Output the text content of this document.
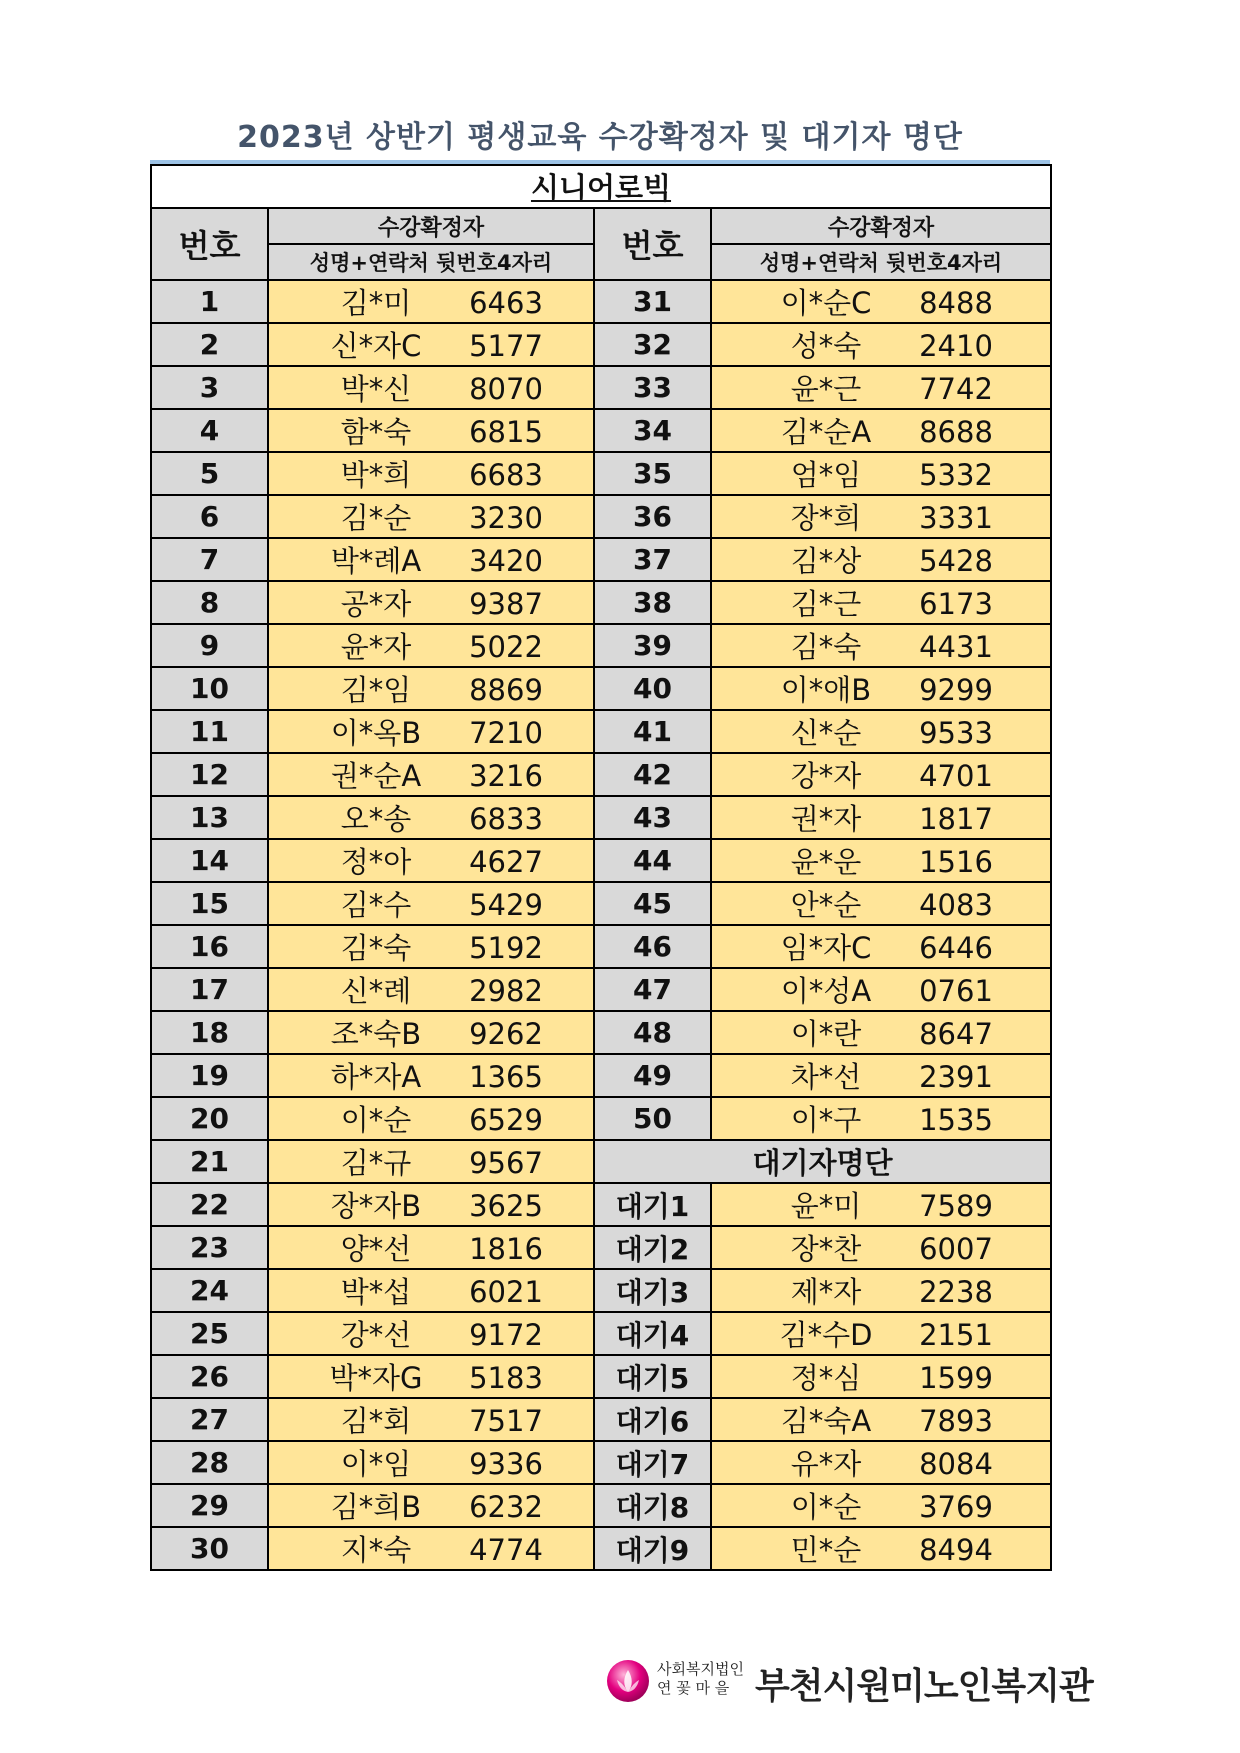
2023년 상반기 평생교육 수강확정자 및 대기자 명단
시니어로빅			
번호	수강확정자	번호	수강확정자
	성명+연락처 뒷번호4자리		성명+연락처 뒷번호4자리
1	김*미 6463	31	이*순C 8488
2	신*자C 5177	32	성*숙 2410
3	박*신 8070	33	윤*근 7742
4	함*숙 6815	34	김*순A 8688
5	박*희 6683	35	엄*임 5332
6	김*순 3230	36	장*희 3331
7	박*례A 3420	37	김*상 5428
8	공*자 9387	38	김*근 6173
9	윤*자 5022	39	김*숙 4431
10	김*임 8869	40	이*애B 9299
11	이*옥B 7210	41	신*순 9533
12	권*순A 3216	42	강*자 4701
13	오*송 6833	43	권*자 1817
14	정*아 4627	44	윤*운 1516
15	김*수 5429	45	안*순 4083
16	김*숙 5192	46	임*자C 6446
17	신*례 2982	47	이*성A 0761
18	조*숙B 9262	48	이*란 8647
19	하*자A 1365	49	차*선 2391
20	이*순 6529	50	이*구 1535
21	김*규 9567	대기자명단	
22	장*자B 3625	대기1	윤*미 7589
23	양*선 1816	대기2	장*찬 6007
24	박*섭 6021	대기3	제*자 2238
25	강*선 9172	대기4	김*수D 2151
26	박*자G 5183	대기5	정*심 1599
27	김*회 7517	대기6	김*숙A 7893
28	이*임 9336	대기7	유*자 8084
29	김*희B 6232	대기8	이*순 3769
30	지*숙 4774	대기9	민*순 8494
사회복지법인
연 꽃 마 을 부천시원미노인복지관
